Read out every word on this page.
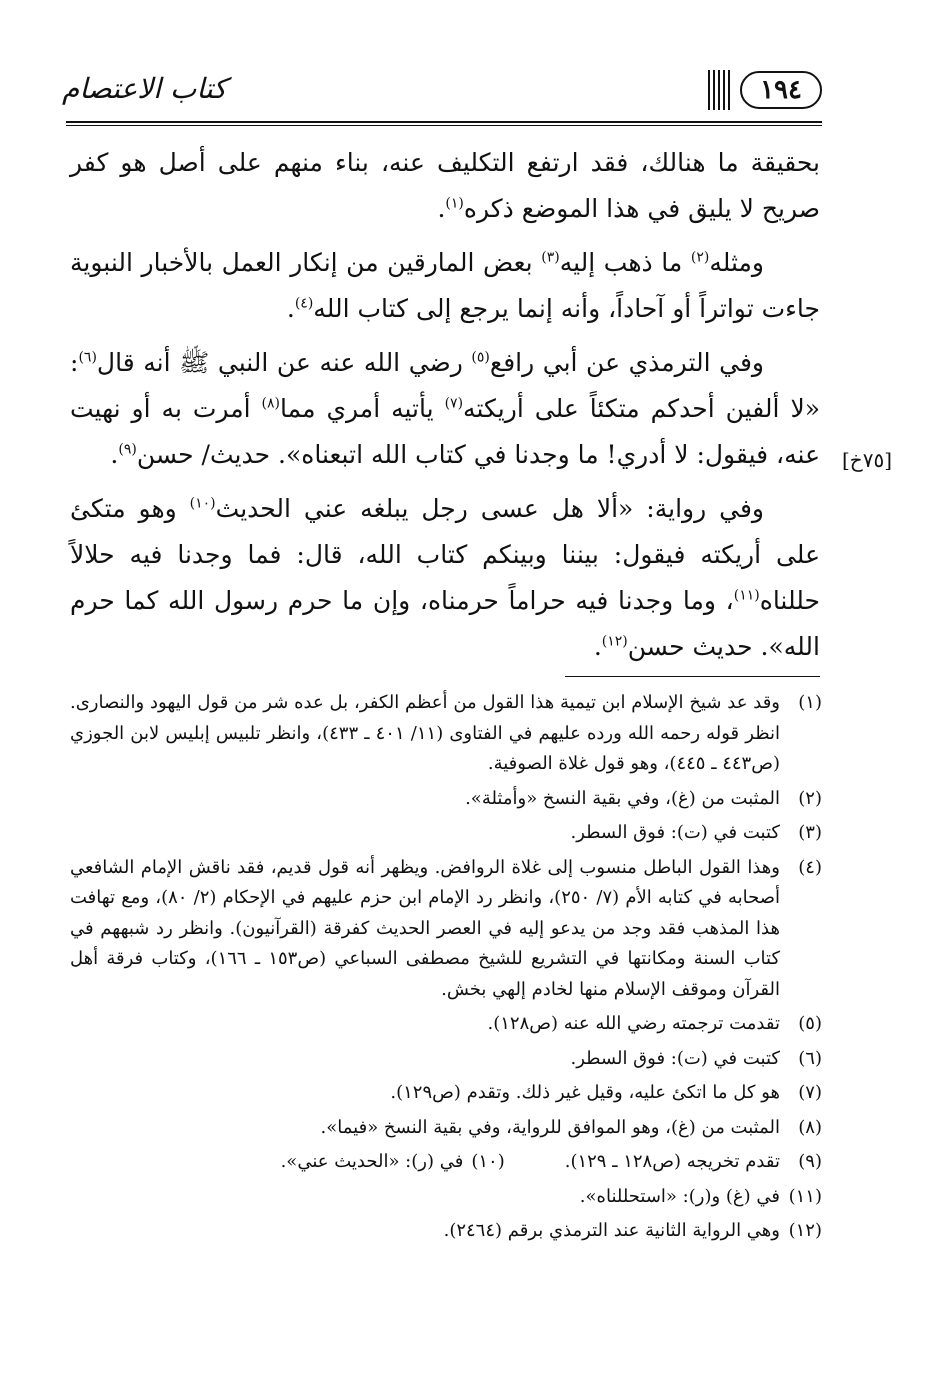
كتاب الاعتصام	١٩٤

بحقيقة ما هنالك، فقد ارتفع التكليف عنه، بناء منهم على أصل هو كفر صريح لا يليق في هذا الموضع ذكره$^{(١)}$.

ومثله$^{(٢)}$ ما ذهب إليه$^{(٣)}$ بعض المارقين من إنكار العمل بالأخبار النبوية جاءت تواتراً أو آحاداً، وأنه إنما يرجع إلى كتاب الله$^{(٤)}$.

وفي الترمذي عن أبي رافع$^{(٥)}$ رضي الله عنه عن النبي ﷺ أنه قال$^{(٦)}$: «لا ألفين أحدكم متكئاً على أريكته$^{(٧)}$ يأتيه أمري مما$^{(٨)}$ أمرت به أو نهيت عنه، فيقول: لا أدري! ما وجدنا في كتاب الله اتبعناه». حديث/ حسن$^{(٩)}$.

وفي رواية: «ألا هل عسى رجل يبلغه عني الحديث$^{(١٠)}$ وهو متكئ على أريكته فيقول: بيننا وبينكم كتاب الله، قال: فما وجدنا فيه حلالاً حللناه$^{(١١)}$، وما وجدنا فيه حراماً حرمناه، وإن ما حرم رسول الله كما حرم الله». حديث حسن$^{(١٢)}$.

[٧٥خ]
(١)
وقد عد شيخ الإسلام ابن تيمية هذا القول من أعظم الكفر، بل عده شر من قول اليهود والنصارى. انظر قوله رحمه الله ورده عليهم في الفتاوى (١١/ ٤٠١ ـ ٤٣٣)، وانظر تلبيس إبليس لابن الجوزي (ص٤٤٣ ـ ٤٤٥)، وهو قول غلاة الصوفية.
(٢)
المثبت من (غ)، وفي بقية النسخ «وأمثلة».
(٣)
كتبت في (ت): فوق السطر.
(٤)
وهذا القول الباطل منسوب إلى غلاة الروافض. ويظهر أنه قول قديم، فقد ناقش الإمام الشافعي أصحابه في كتابه الأم (٧/ ٢٥٠)، وانظر رد الإمام ابن حزم عليهم في الإحكام (٢/ ٨٠)، ومع تهافت هذا المذهب فقد وجد من يدعو إليه في العصر الحديث كفرقة (القرآنيون). وانظر رد شبههم في كتاب السنة ومكانتها في التشريع للشيخ مصطفى السباعي (ص١٥٣ ـ ١٦٦)، وكتاب فرقة أهل القرآن وموقف الإسلام منها لخادم إلهي بخش.
(٥)
تقدمت ترجمته رضي الله عنه (ص١٢٨).
(٦)
كتبت في (ت): فوق السطر.
(٧)
هو كل ما اتكئ عليه، وقيل غير ذلك. وتقدم (ص١٢٩).
(٨)
المثبت من (غ)، وهو الموافق للرواية، وفي بقية النسخ «فيما».
(٩)
تقدم تخريجه (ص١٢٨ ـ ١٢٩).
(١٠)
في (ر): «الحديث عني».
(١١)
في (غ) و(ر): «استحللناه».
(١٢)
وهي الرواية الثانية عند الترمذي برقم (٢٤٦٤).
